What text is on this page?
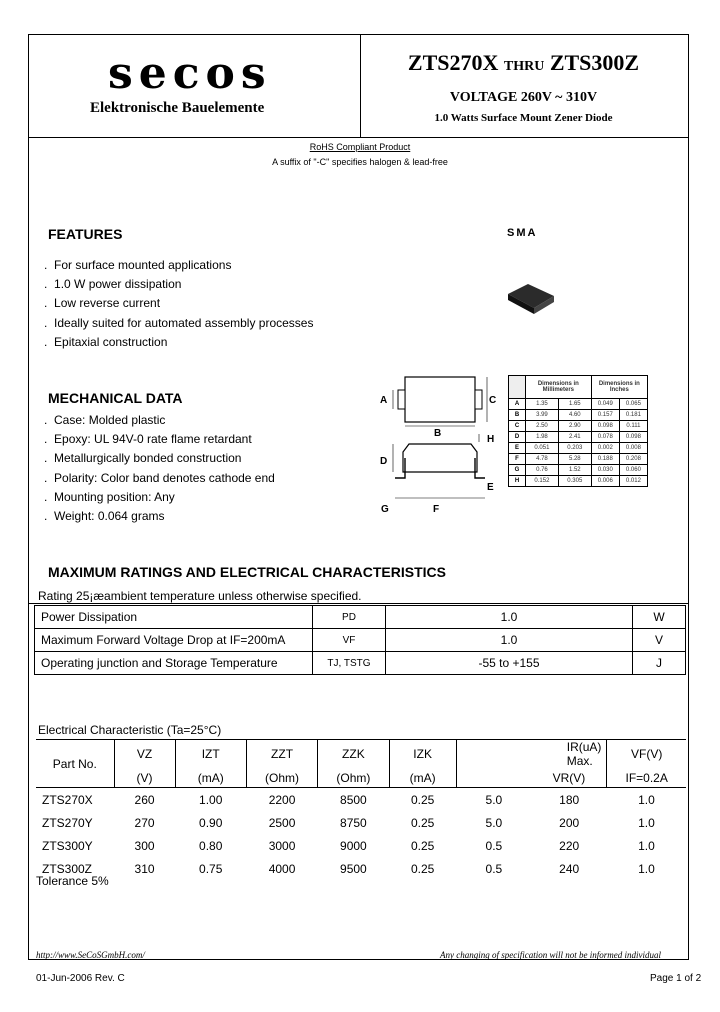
secos
Elektronische Bauelemente
ZTS270X THRU ZTS300Z
VOLTAGE 260V ~ 310V
1.0 Watts Surface Mount Zener Diode
RoHS Compliant Product
A suffix of "-C" specifies halogen & lead-free
FEATURES
.  For surface mounted applications
.  1.0 W power dissipation
.  Low reverse current
.  Ideally suited for automated assembly processes
.  Epitaxial construction
SMA
MECHANICAL DATA
.  Case: Molded plastic
.  Epoxy: UL 94V-0 rate flame retardant
.  Metallurgically bonded construction
.  Polarity: Color band denotes cathode end
.  Mounting position: Any
.  Weight: 0.064 grams
A	C
B
D
H
E
G	F
	Dimensions in Millimeters		Dimensions in Inches	
A	1.35	1.65	0.049	0.065
B	3.99	4.60	0.157	0.181
C	2.50	2.90	0.098	0.111
D	1.98	2.41	0.078	0.098
E	0.051	0.203	0.002	0.008
F	4.78	5.28	0.188	0.208
G	0.76	1.52	0.030	0.060
H	0.152	0.305	0.006	0.012
MAXIMUM RATINGS AND ELECTRICAL CHARACTERISTICS
Rating 25¡æambient temperature unless otherwise specified.
Power Dissipation	PD	1.0	W
Maximum Forward Voltage Drop at IF=200mA	VF	1.0	V
Operating junction and Storage Temperature	TJ, TSTG	-55 to +155	J
Electrical Characteristic (Ta=25°C)
Part No.	VZ	IZT	ZZT	ZZK	IZK	IR(uA) Max.		VF(V)
	(V)	(mA)	(Ohm)	(Ohm)	(mA)		VR(V)	IF=0.2A
ZTS270X	260	1.00	2200	8500	0.25	5.0	180	1.0
ZTS270Y	270	0.90	2500	8750	0.25	5.0	200	1.0
ZTS300Y	300	0.80	3000	9000	0.25	0.5	220	1.0
ZTS300Z	310	0.75	4000	9500	0.25	0.5	240	1.0
Tolerance 5%
http://www.SeCoSGmbH.com/	Any changing of specification will not be informed individual
01-Jun-2006 Rev. C	Page 1 of 2
